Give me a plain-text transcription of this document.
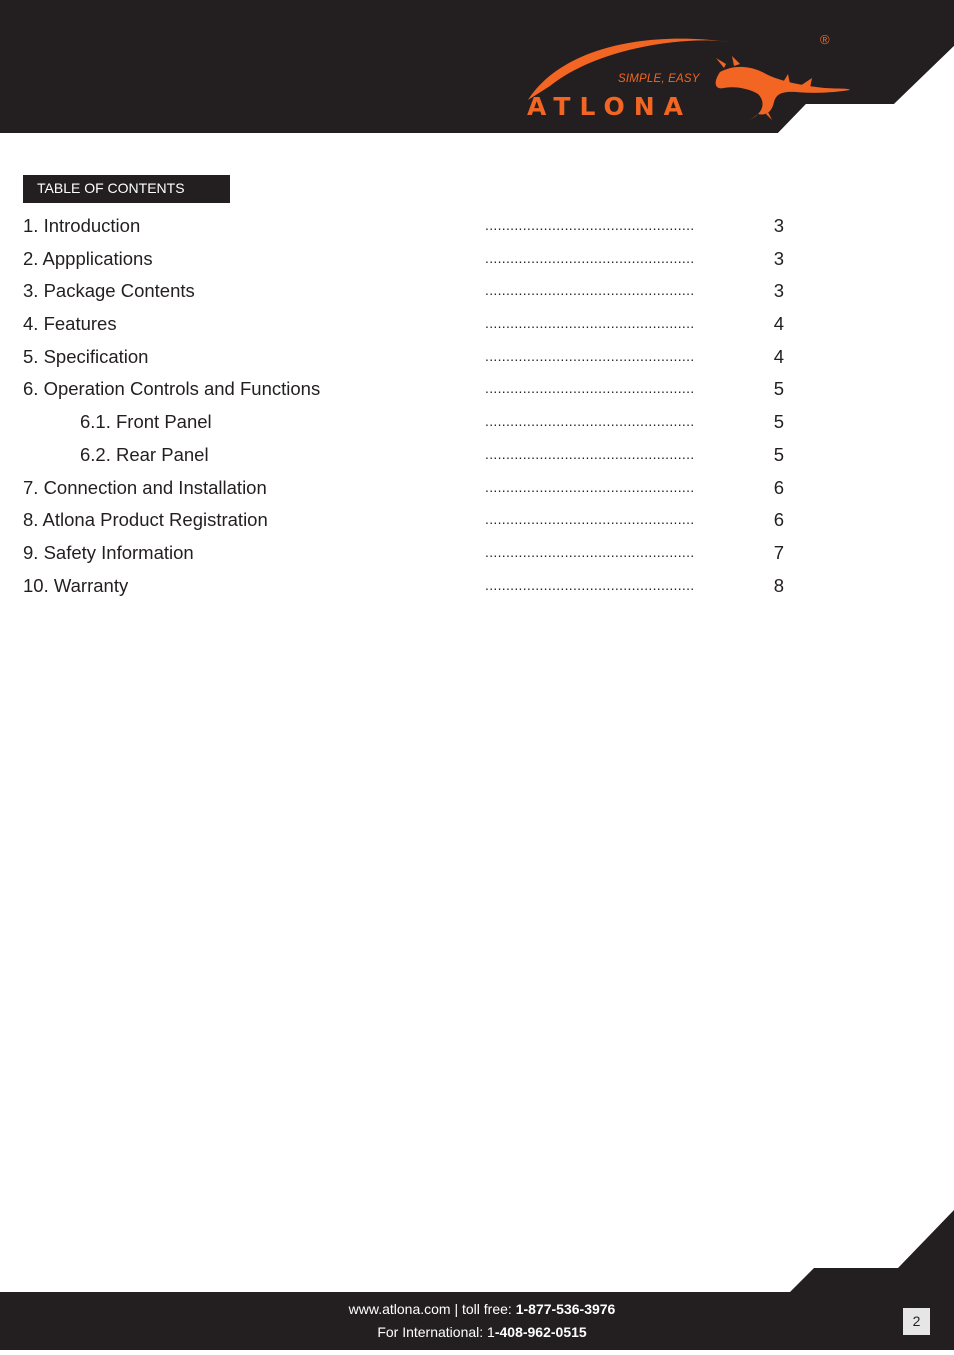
SIMPLE, EASY
ATLONA
®
TABLE OF CONTENTS
1. Introduction	..................................................	3
2. Appplications	..................................................	3
3. Package Contents	..................................................	3
4. Features	..................................................	4
5. Specification	..................................................	4
6. Operation Controls and Functions	..................................................	5
6.1. Front Panel	..................................................	5
6.2. Rear Panel	..................................................	5
7. Connection and Installation	..................................................	6
8. Atlona Product Registration	..................................................	6
9. Safety Information	..................................................	7
10. Warranty	..................................................	8
www.atlona.com | toll free: 1-877-536-3976
For International: 1-408-962-0515
2
